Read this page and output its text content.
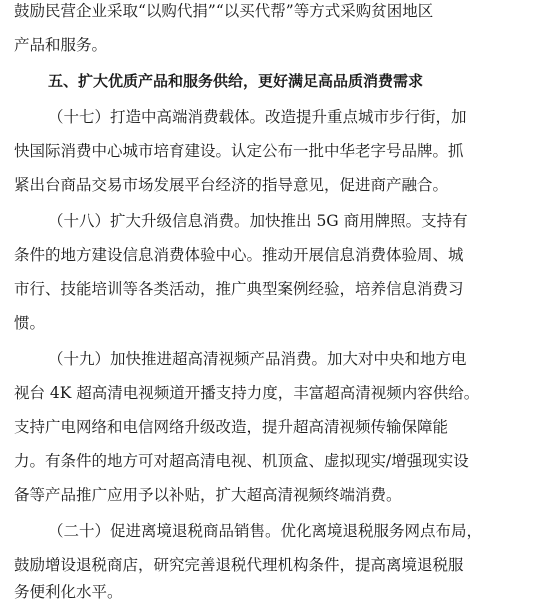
鼓励民营企业采取“以购代捐”“以买代帮”等方式采购贫困地区
产品和服务。
五、扩大优质产品和服务供给，更好满足高品质消费需求
（十七）打造中高端消费载体。改造提升重点城市步行街，加
快国际消费中心城市培育建设。认定公布一批中华老字号品牌。抓
紧出台商品交易市场发展平台经济的指导意见，促进商产融合。
（十八）扩大升级信息消费。加快推出 5G 商用牌照。支持有
条件的地方建设信息消费体验中心。推动开展信息消费体验周、城
市行、技能培训等各类活动，推广典型案例经验，培养信息消费习
惯。
（十九）加快推进超高清视频产品消费。加大对中央和地方电
视台 4K 超高清电视频道开播支持力度，丰富超高清视频内容供给。
支持广电网络和电信网络升级改造，提升超高清视频传输保障能
力。有条件的地方可对超高清电视、机顶盒、虚拟现实/增强现实设
备等产品推广应用予以补贴，扩大超高清视频终端消费。
（二十）促进离境退税商品销售。优化离境退税服务网点布局，
鼓励增设退税商店，研究完善退税代理机构条件，提高离境退税服
务便利化水平。
